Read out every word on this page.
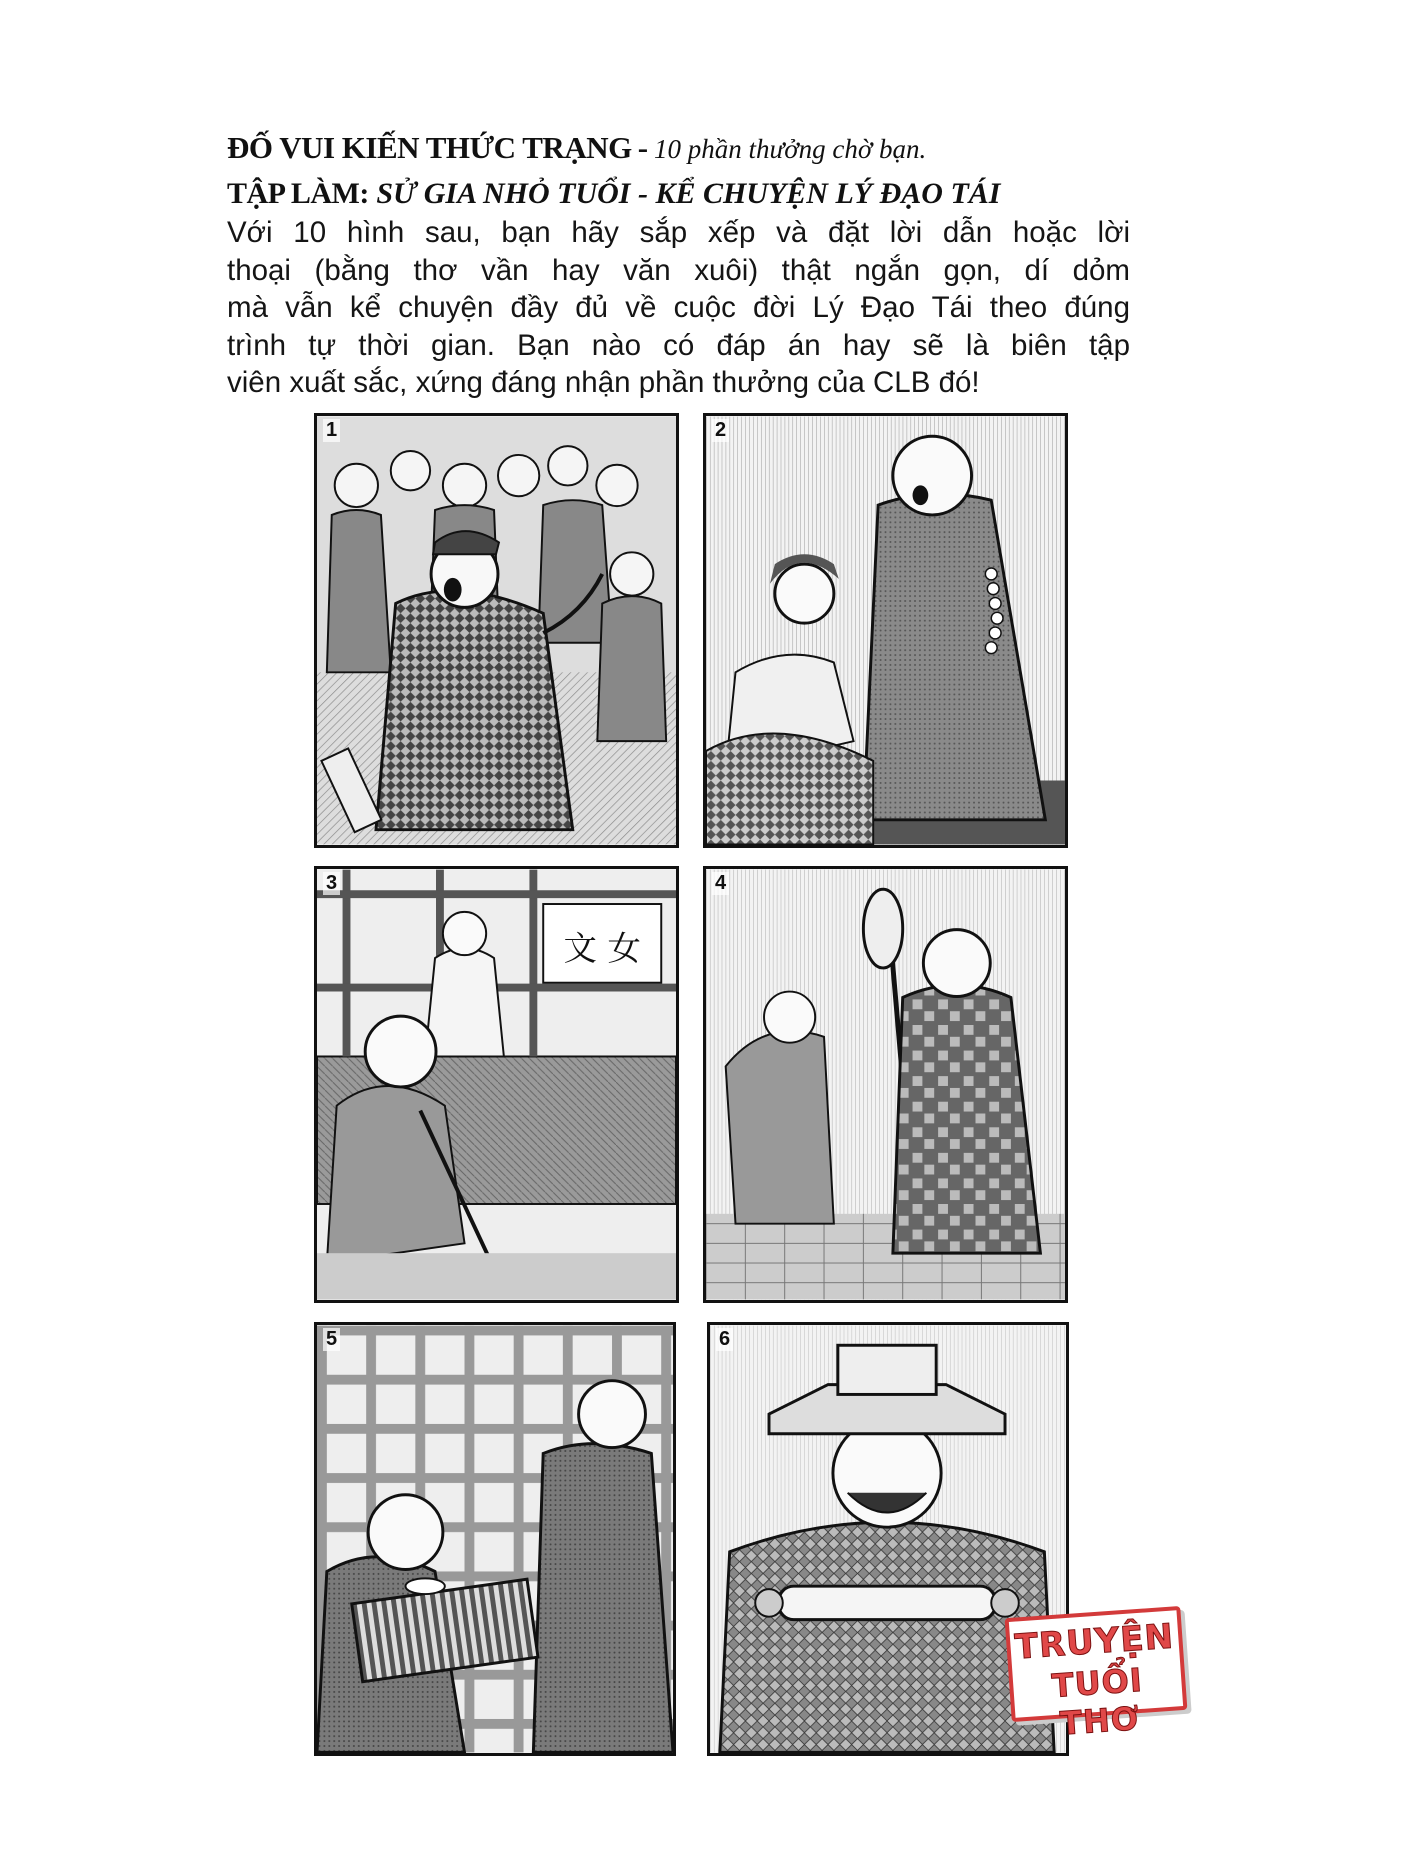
ĐỐ VUI KIẾN THỨC TRẠNG - 10 phần thưởng chờ bạn.
TẬP LÀM: SỬ GIA NHỎ TUỔI - KỂ CHUYỆN LÝ ĐẠO TÁI
Với 10 hình sau, bạn hãy sắp xếp và đặt lời dẫn hoặc lời
thoại (bằng thơ vần hay văn xuôi) thật ngắn gọn, dí dỏm
mà vẫn kể chuyện đầy đủ về cuộc đời Lý Đạo Tái theo đúng
trình tự thời gian. Bạn nào có đáp án hay sẽ là biên tập
viên xuất sắc, xứng đáng nhận phần thưởng của CLB đó!
1	2
3
文 女
4
5	6
TRUYỆN
TUỔI THƠ
